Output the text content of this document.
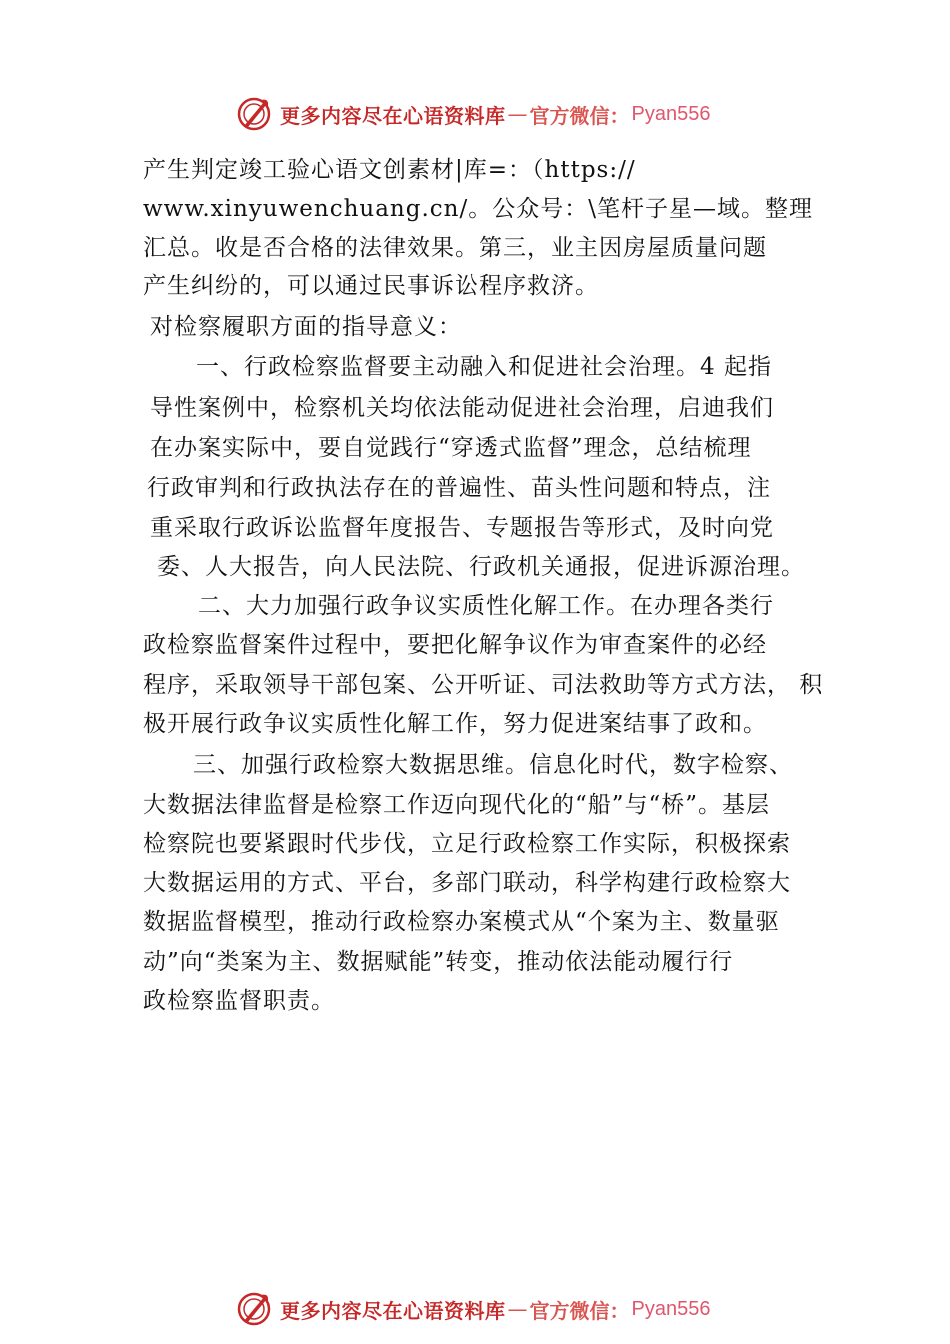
更多内容尽在心语资料库 — 官方微信： Pyan556
产生判定竣工验心语文创素材|库=：（https://
www.xinyuwenchuang.cn/。公众号：\笔杆子星—域。整理
汇总。收是否合格的法律效果。第三，业主因房屋质量问题
产生纠纷的，可以通过民事诉讼程序救济。
对检察履职方面的指导意义：
一、行政检察监督要主动融入和促进社会治理。4 起指
导性案例中，检察机关均依法能动促进社会治理，启迪我们
在办案实际中，要自觉践行“穿透式监督”理念，总结梳理
行政审判和行政执法存在的普遍性、苗头性问题和特点，注
重采取行政诉讼监督年度报告、专题报告等形式，及时向党
委、人大报告，向人民法院、行政机关通报，促进诉源治理。
二、大力加强行政争议实质性化解工作。在办理各类行
政检察监督案件过程中，要把化解争议作为审查案件的必经
程序，采取领导干部包案、公开听证、司法救助等方式方法， 积
极开展行政争议实质性化解工作，努力促进案结事了政和。
三、加强行政检察大数据思维。信息化时代，数字检察、
大数据法律监督是检察工作迈向现代化的“船”与“桥”。基层
检察院也要紧跟时代步伐，立足行政检察工作实际，积极探索
大数据运用的方式、平台，多部门联动，科学构建行政检察大
数据监督模型，推动行政检察办案模式从“个案为主、数量驱
动”向“类案为主、数据赋能”转变，推动依法能动履行行
政检察监督职责。
更多内容尽在心语资料库 — 官方微信： Pyan556
